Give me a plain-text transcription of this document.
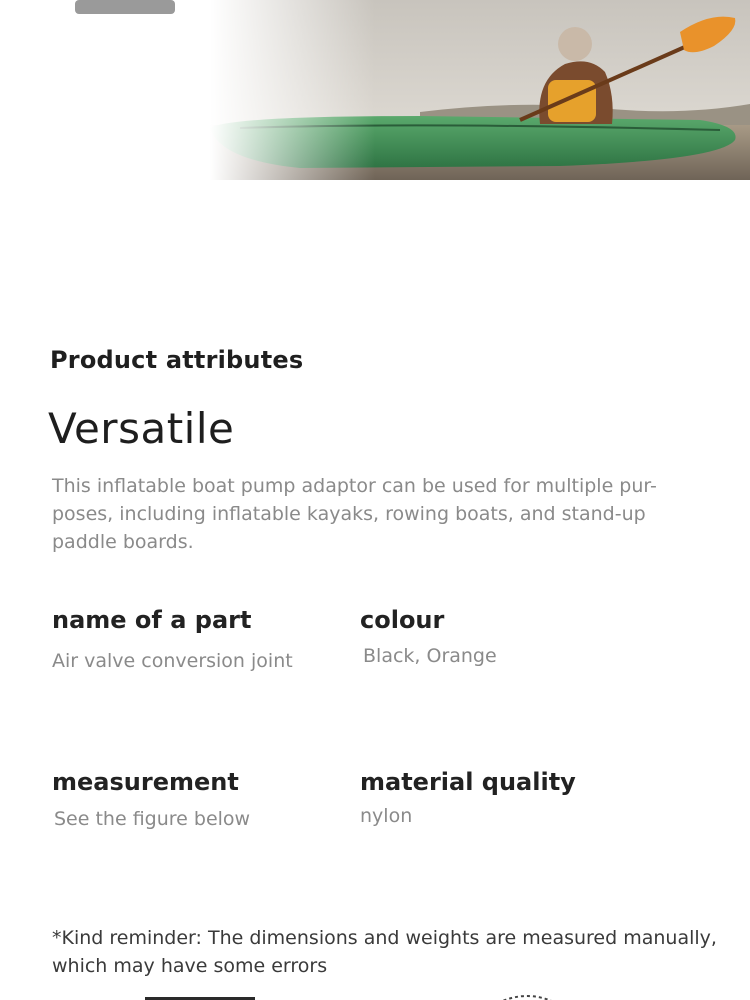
Product attributes
Versatile

This inflatable boat pump adaptor can be used for multiple pur-poses, including inflatable kayaks, rowing boats, and stand-up paddle boards.

name of a part

Air valve conversion joint

colour

Black, Orange

measurement

See the figure below

material quality

nylon

*Kind reminder: The dimensions and weights are measured manually, which may have some errors
